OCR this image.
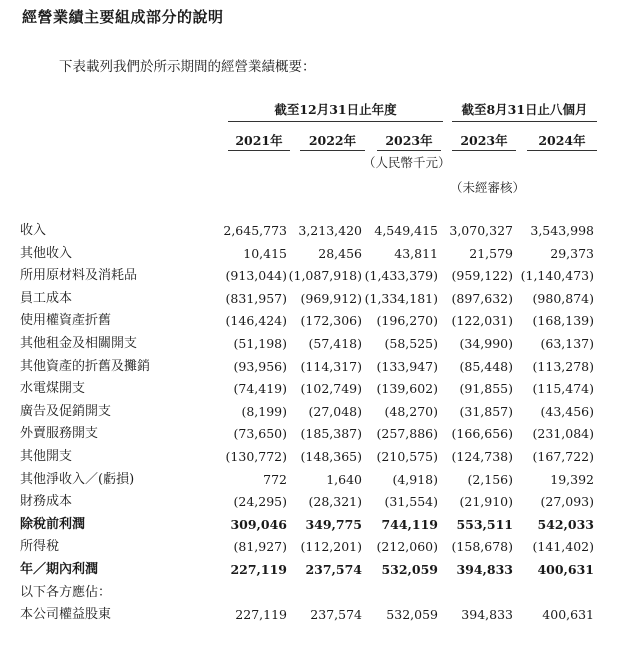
經營業績主要組成部分的說明
下表載列我們於所示期間的經營業績概要：
截至12月31日止年度	截至8月31日止八個月
2021年	2022年	2023年	2023年	2024年
（人民幣千元）
（未經審核）
收入	2,645,773 3,213,420 4,549,415 3,070,327 3,543,998
其他收入	10,415	28,456	43,811	21,579	29,373
所用原材料及消耗品	(913,044) (1,087,918) (1,433,379) (959,122) (1,140,473)
員工成本	(831,957) (969,912) (1,334,181) (897,632) (980,874)
使用權資產折舊	(146,424) (172,306) (196,270) (122,031) (168,139)
其他租金及相關開支	(51,198) (57,418) (58,525) (34,990) (63,137)
其他資產的折舊及攤銷	(93,956) (114,317) (133,947) (85,448) (113,278)
水電煤開支	(74,419) (102,749) (139,602) (91,855) (115,474)
廣告及促銷開支	(8,199) (27,048) (48,270) (31,857) (43,456)
外賣服務開支	(73,650) (185,387) (257,886) (166,656) (231,084)
其他開支	(130,772) (148,365) (210,575) (124,738) (167,722)
其他淨收入／(虧損)	772	1,640 (4,918) (2,156)	19,392
財務成本	(24,295) (28,321) (31,554) (21,910) (27,093)
除稅前利潤	309,046 349,775 744,119 553,511 542,033
所得稅	(81,927) (112,201) (212,060) (158,678) (141,402)
年／期內利潤	227,119 237,574 532,059 394,833 400,631
以下各方應佔：
本公司權益股東	227,119 237,574 532,059 394,833 400,631
